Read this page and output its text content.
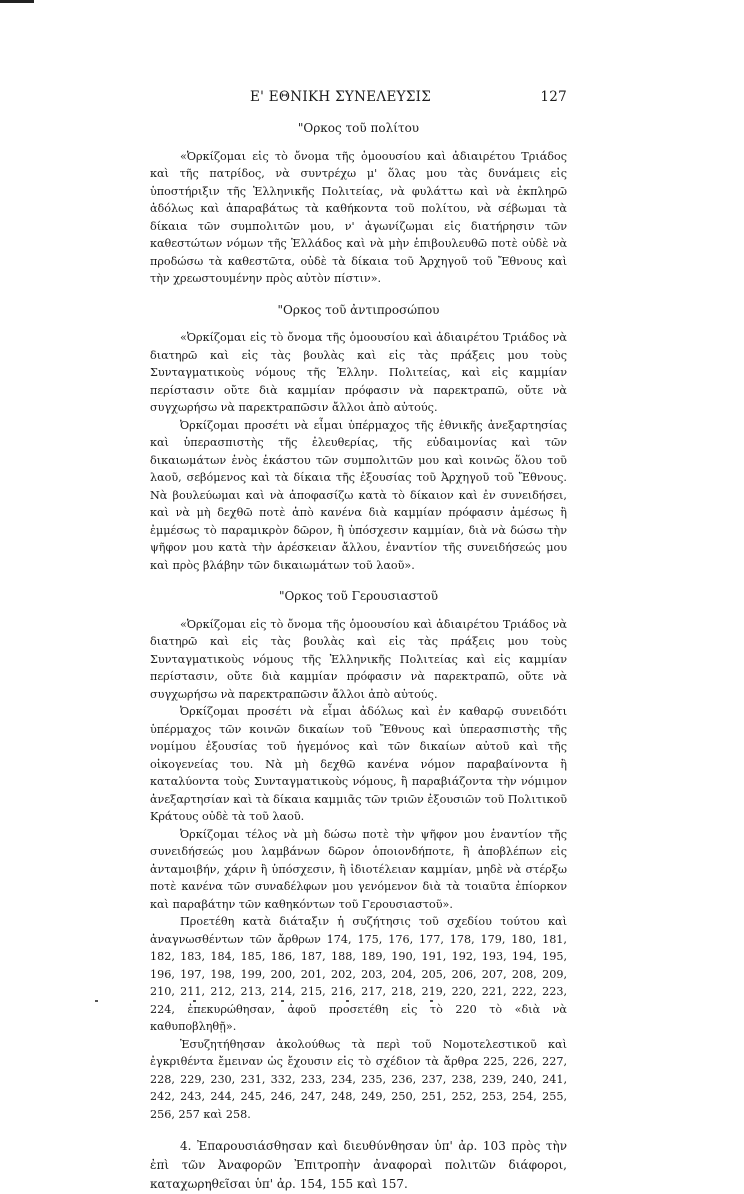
Ε' ΕΘΝΙΚΗ ΣΥΝΕΛΕΥΣΙΣ	127

"Ορκος τοῦ πολίτου

«Ὀρκίζομαι εἰς τὸ ὄνομα τῆς ὁμοουσίου καὶ ἀδιαιρέτου Τριάδος καὶ τῆς πατρίδος, νὰ συντρέχω μ' ὅλας μου τὰς δυνάμεις εἰς ὑποστήριξιν τῆς Ἑλληνικῆς Πολιτείας, νὰ φυλάττω καὶ νὰ ἐκπληρῶ ἀδόλως καὶ ἀπαραβάτως τὰ καθήκοντα τοῦ πολίτου, νὰ σέβωμαι τὰ δίκαια τῶν συμπολιτῶν μου, ν' ἀγωνίζωμαι εἰς διατήρησιν τῶν καθεστώτων νόμων τῆς Ἑλλάδος καὶ νὰ μὴν ἐπιβουλευθῶ ποτὲ οὐδὲ νὰ προδώσω τὰ καθεστῶτα, οὐδὲ τὰ δίκαια τοῦ Ἀρχηγοῦ τοῦ Ἔθνους καὶ τὴν χρεωστουμένην πρὸς αὐτὸν πίστιν».

"Ορκος τοῦ ἀντιπροσώπου

«Ὀρκίζομαι εἰς τὸ ὄνομα τῆς ὁμοουσίου καὶ ἀδιαιρέτου Τριάδος νὰ διατηρῶ καὶ εἰς τὰς βουλὰς καὶ εἰς τὰς πράξεις μου τοὺς Συνταγματικοὺς νόμους τῆς Ἑλλην. Πολιτείας, καὶ εἰς καμμίαν περίστασιν οὔτε διὰ καμμίαν πρόφασιν νὰ παρεκτραπῶ, οὔτε νὰ συγχωρήσω νὰ παρεκτραπῶσιν ἄλλοι ἀπὸ αὐτούς.

Ὀρκίζομαι προσέτι νὰ εἶμαι ὑπέρμαχος τῆς ἐθνικῆς ἀνεξαρτησίας καὶ ὑπερασπιστὴς τῆς ἐλευθερίας, τῆς εὐδαιμονίας καὶ τῶν δικαιωμάτων ἑνὸς ἑκάστου τῶν συμπολιτῶν μου καὶ κοινῶς ὅλου τοῦ λαοῦ, σεβόμενος καὶ τὰ δίκαια τῆς ἐξουσίας τοῦ Ἀρχηγοῦ τοῦ Ἔθνους. Νὰ βουλεύωμαι καὶ νὰ ἀποφασίζω κατὰ τὸ δίκαιον καὶ ἐν συνειδήσει, καὶ νὰ μὴ δεχθῶ ποτὲ ἀπὸ κανένα διὰ καμμίαν πρόφασιν ἀμέσως ἢ ἐμμέσως τὸ παραμικρὸν δῶρον, ἢ ὑπόσχεσιν καμμίαν, διὰ νὰ δώσω τὴν ψῆφον μου κατὰ τὴν ἀρέσκειαν ἄλλου, ἐναντίον τῆς συνειδήσεώς μου καὶ πρὸς βλάβην τῶν δικαιωμάτων τοῦ λαοῦ».

"Ορκος τοῦ Γερουσιαστοῦ

«Ὀρκίζομαι εἰς τὸ ὄνομα τῆς ὁμοουσίου καὶ ἀδιαιρέτου Τριάδος νὰ διατηρῶ καὶ εἰς τὰς βουλὰς καὶ εἰς τὰς πράξεις μου τοὺς Συνταγματικοὺς νόμους τῆς Ἑλληνικῆς Πολιτείας καὶ εἰς καμμίαν περίστασιν, οὔτε διὰ καμμίαν πρόφασιν νὰ παρεκτραπῶ, οὔτε νὰ συγχωρήσω νὰ παρεκτραπῶσιν ἄλλοι ἀπὸ αὐτούς.

Ὀρκίζομαι προσέτι νὰ εἶμαι ἀδόλως καὶ ἐν καθαρῷ συνειδότι ὑπέρμαχος τῶν κοινῶν δικαίων τοῦ Ἔθνους καὶ ὑπερασπιστὴς τῆς νομίμου ἐξουσίας τοῦ ἡγεμόνος καὶ τῶν δικαίων αὐτοῦ καὶ τῆς οἰκογενείας του. Νὰ μὴ δεχθῶ κανένα νόμον παραβαίνοντα ἢ καταλύοντα τοὺς Συνταγματικοὺς νόμους, ἢ παραβιάζοντα τὴν νόμιμον ἀνεξαρτησίαν καὶ τὰ δίκαια καμμιᾶς τῶν τριῶν ἐξουσιῶν τοῦ Πολιτικοῦ Κράτους οὐδὲ τὰ τοῦ λαοῦ.

Ὀρκίζομαι τέλος νὰ μὴ δώσω ποτὲ τὴν ψῆφον μου ἐναντίον τῆς συνειδήσεώς μου λαμβάνων δῶρον ὁποιονδήποτε, ἢ ἀποβλέπων εἰς ἀνταμοιβήν, χάριν ἢ ὑπόσχεσιν, ἢ ἰδιοτέλειαν καμμίαν, μηδὲ νὰ στέρξω ποτὲ κανένα τῶν συναδέλφων μου γενόμενον διὰ τὰ τοιαῦτα ἐπίορκον καὶ παραβάτην τῶν καθηκόντων τοῦ Γερουσιαστοῦ».

Προετέθη κατὰ διάταξιν ἡ συζήτησις τοῦ σχεδίου τούτου καὶ ἀναγνωσθέντων τῶν ἄρθρων 174, 175, 176, 177, 178, 179, 180, 181, 182, 183, 184, 185, 186, 187, 188, 189, 190, 191, 192, 193, 194, 195, 196, 197, 198, 199, 200, 201, 202, 203, 204, 205, 206, 207, 208, 209, 210, 211, 212, 213, 214, 215, 216, 217, 218, 219, 220, 221, 222, 223, 224, ἐπεκυρώθησαν, ἀφοῦ προσετέθη εἰς τὸ 220 τὸ «διὰ νὰ καθυποβληθῇ».

Ἐσυζητήθησαν ἀκολούθως τὰ περὶ τοῦ Νομοτελεστικοῦ καὶ ἐγκριθέντα ἔμειναν ὡς ἔχουσιν εἰς τὸ σχέδιον τὰ ἄρθρα 225, 226, 227, 228, 229, 230, 231, 332, 233, 234, 235, 236, 237, 238, 239, 240, 241, 242, 243, 244, 245, 246, 247, 248, 249, 250, 251, 252, 253, 254, 255, 256, 257 καὶ 258.

4. Ἐπαρουσιάσθησαν καὶ διευθύνθησαν ὑπ' ἀρ. 103 πρὸς τὴν ἐπὶ τῶν Ἀναφορῶν Ἐπιτροπὴν ἀναφοραὶ πολιτῶν διάφοροι, καταχωρηθεῖσαι ὑπ' ἀρ. 154, 155 καὶ 157.
